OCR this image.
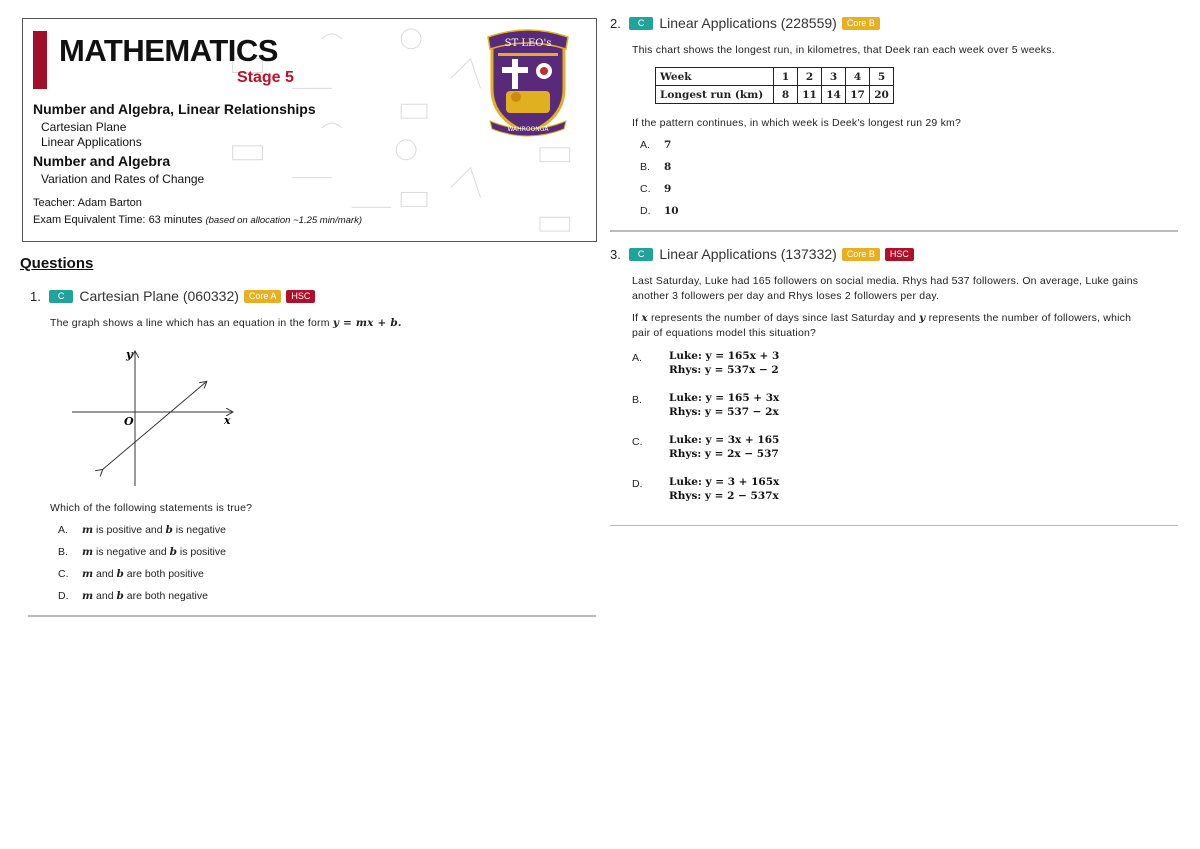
MATHEMATICS
Stage 5
Number and Algebra, Linear Relationships
Cartesian Plane
Linear Applications
Number and Algebra
Variation and Rates of Change
Teacher: Adam Barton
Exam Equivalent Time: 63 minutes (based on allocation ~1.25 min/mark)
ST LEO's
WAHROONGA
Questions
1.	C	Cartesian Plane (060332)	Core A	HSC
The graph shows a line which has an equation in the form y = mx + b.
y
x
O
Which of the following statements is true?
A.	m is positive and b is negative
B.	m is negative and b is positive
C.	m and b are both positive
D.	m and b are both negative
2.	C	Linear Applications (228559)	Core B
This chart shows the longest run, in kilometres, that Deek ran each week over 5 weeks.
Week	1	2	3	4	5
Longest run (km)	8	11	14	17	20
If the pattern continues, in which week is Deek's longest run 29 km?
A.	7
B.	8
C.	9
D.	10
3.	C	Linear Applications (137332)	Core B	HSC
Last Saturday, Luke had 165 followers on social media. Rhys had 537 followers. On average, Luke gains
another 3 followers per day and Rhys loses 2 followers per day.
If x represents the number of days since last Saturday and y represents the number of followers, which
pair of equations model this situation?
A.	Luke: y = 165x + 3
Rhys: y = 537x − 2
B.	Luke: y = 165 + 3x
Rhys: y = 537 − 2x
C.	Luke: y = 3x + 165
Rhys: y = 2x − 537
D.	Luke: y = 3 + 165x
Rhys: y = 2 − 537x
